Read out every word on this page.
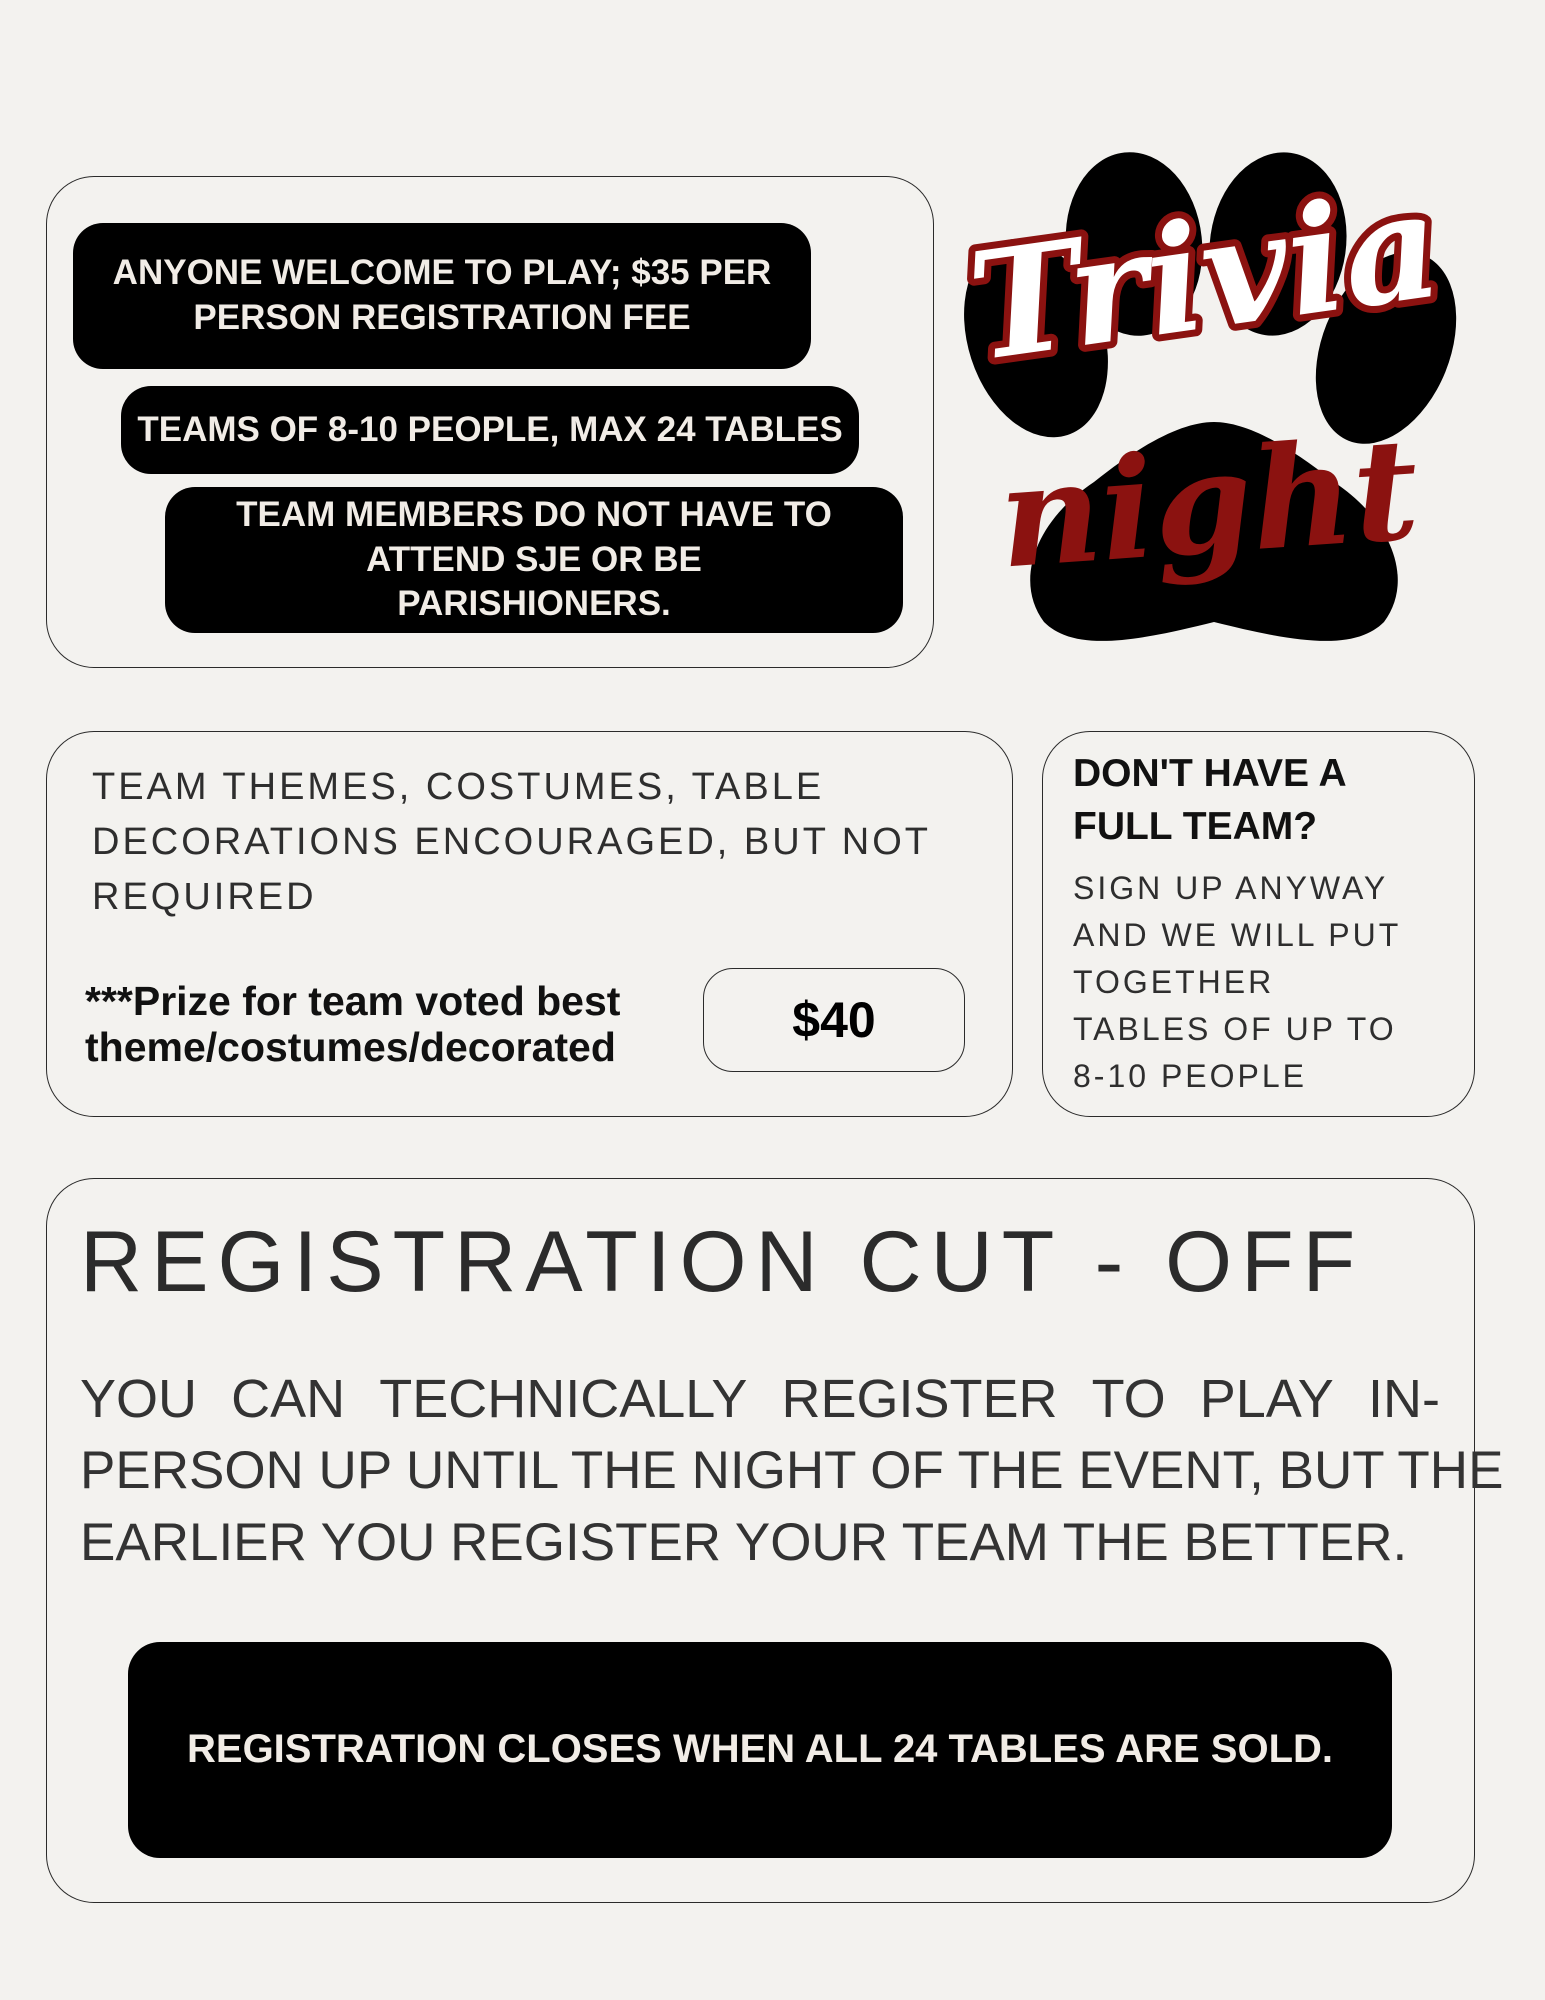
ANYONE WELCOME TO PLAY; $35 PER PERSON REGISTRATION FEE
TEAMS OF 8-10 PEOPLE, MAX 24 TABLES
TEAM MEMBERS DO NOT HAVE TO ATTEND SJE OR BE PARISHIONERS.
Trivia
night
TEAM THEMES, COSTUMES, TABLE DECORATIONS ENCOURAGED, BUT NOT REQUIRED
***Prize for team voted best
theme/costumes/decorated	$40
DON'T HAVE A
FULL TEAM?
SIGN UP ANYWAY
AND WE WILL PUT
TOGETHER
TABLES OF UP TO
8-10 PEOPLE
REGISTRATION CUT - OFF
YOU CAN TECHNICALLY REGISTER TO PLAY IN-
PERSON UP UNTIL THE NIGHT OF THE EVENT, BUT THE
EARLIER YOU REGISTER YOUR TEAM THE BETTER.
REGISTRATION CLOSES WHEN ALL 24 TABLES ARE SOLD.
